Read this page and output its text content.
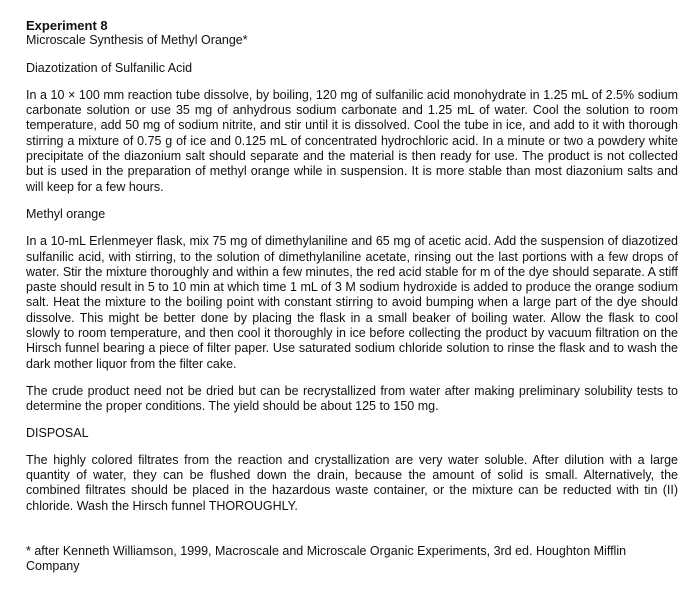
Experiment 8

Microscale Synthesis of Methyl Orange*

Diazotization of Sulfanilic Acid

In a 10 × 100 mm reaction tube dissolve, by boiling, 120 mg of sulfanilic acid monohydrate in 1.25 mL of 2.5% sodium carbonate solution or use 35 mg of anhydrous sodium carbonate and 1.25 mL of water. Cool the solution to room temperature, add 50 mg of sodium nitrite, and stir until it is dissolved. Cool the tube in ice, and add to it with thorough stirring a mixture of 0.75 g of ice and 0.125 mL of concentrated hydrochloric acid. In a minute or two a powdery white precipitate of the diazonium salt should separate and the material is then ready for use. The product is not collected but is used in the preparation of methyl orange while in suspension. It is more stable than most diazonium salts and will keep for a few hours.

Methyl orange

In a 10-mL Erlenmeyer flask, mix 75 mg of dimethylaniline and 65 mg of acetic acid. Add the suspension of diazotized sulfanilic acid, with stirring, to the solution of dimethylaniline acetate, rinsing out the last portions with a few drops of water. Stir the mixture thoroughly and within a few minutes, the red acid stable for m of the dye should separate. A stiff paste should result in 5 to 10 min at which time 1 mL of 3 M sodium hydroxide is added to produce the orange sodium salt. Heat the mixture to the boiling point with constant stirring to avoid bumping when a large part of the dye should dissolve. This might be better done by placing the flask in a small beaker of boiling water. Allow the flask to cool slowly to room temperature, and then cool it thoroughly in ice before collecting the product by vacuum filtration on the Hirsch funnel bearing a piece of filter paper. Use saturated sodium chloride solution to rinse the flask and to wash the dark mother liquor from the filter cake.

The crude product need not be dried but can be recrystallized from water after making preliminary solubility tests to determine the proper conditions. The yield should be about 125 to 150 mg.

DISPOSAL

The highly colored filtrates from the reaction and crystallization are very water soluble. After dilution with a large quantity of water, they can be flushed down the drain, because the amount of solid is small. Alternatively, the combined filtrates should be placed in the hazardous waste container, or the mixture can be reducted with tin (II) chloride. Wash the Hirsch funnel THOROUGHLY.

* after Kenneth Williamson, 1999, Macroscale and Microscale Organic Experiments, 3rd ed. Houghton Mifflin Company
